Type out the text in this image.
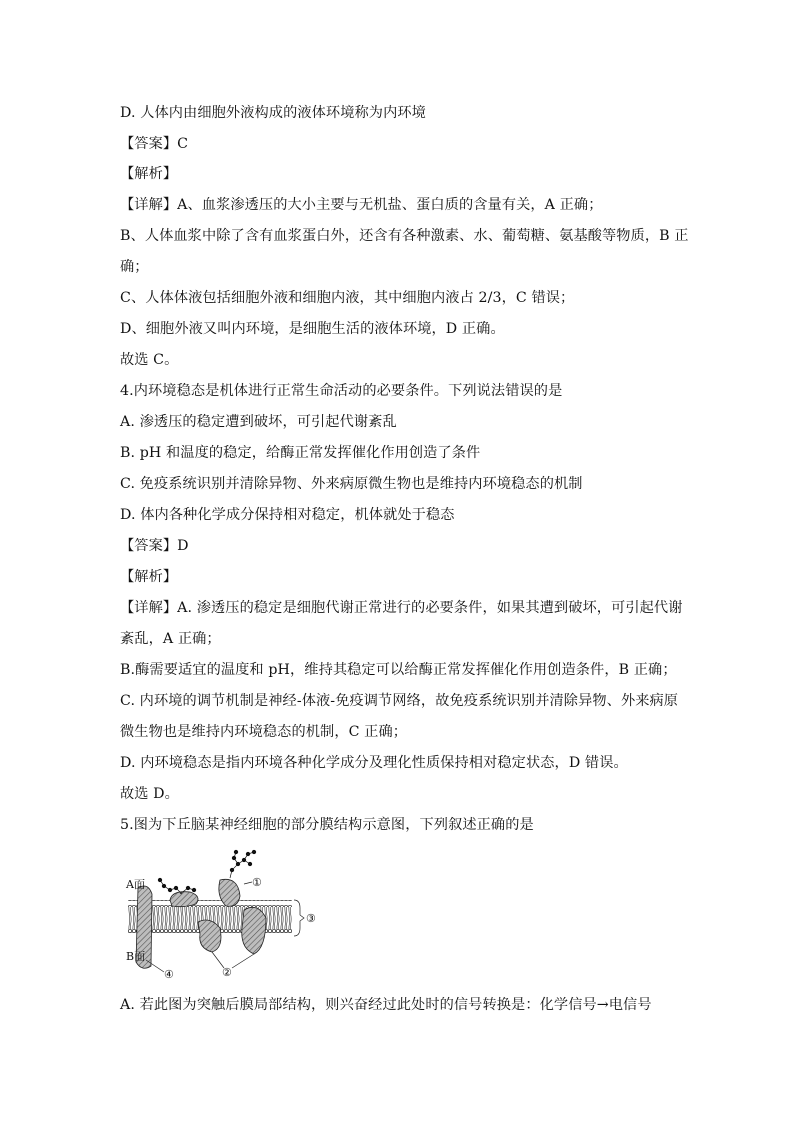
D. 人体内由细胞外液构成的液体环境称为内环境
【答案】C
【解析】
【详解】A、血浆渗透压的大小主要与无机盐、蛋白质的含量有关，A 正确；
B、人体血浆中除了含有血浆蛋白外，还含有各种激素、水、葡萄糖、氨基酸等物质，B 正
确；
C、人体体液包括细胞外液和细胞内液，其中细胞内液占 2/3，C 错误；
D、细胞外液又叫内环境，是细胞生活的液体环境，D 正确。
故选 C。
4.内环境稳态是机体进行正常生命活动的必要条件。下列说法错误的是
A. 渗透压的稳定遭到破坏，可引起代谢紊乱
B. pH 和温度的稳定，给酶正常发挥催化作用创造了条件
C. 免疫系统识别并清除异物、外来病原微生物也是维持内环境稳态的机制
D. 体内各种化学成分保持相对稳定，机体就处于稳态
【答案】D
【解析】
【详解】A. 渗透压的稳定是细胞代谢正常进行的必要条件，如果其遭到破坏，可引起代谢
紊乱，A 正确；
B.酶需要适宜的温度和 pH，维持其稳定可以给酶正常发挥催化作用创造条件，B 正确；
C. 内环境的调节机制是神经-体液-免疫调节网络，故免疫系统识别并清除异物、外来病原
微生物也是维持内环境稳态的机制，C 正确；
D. 内环境稳态是指内环境各种化学成分及理化性质保持相对稳定状态，D 错误。
故选 D。
5.图为下丘脑某神经细胞的部分膜结构示意图，下列叙述正确的是
A面
B面
①
②
③
④
A. 若此图为突触后膜局部结构，则兴奋经过此处时的信号转换是：化学信号→电信号
